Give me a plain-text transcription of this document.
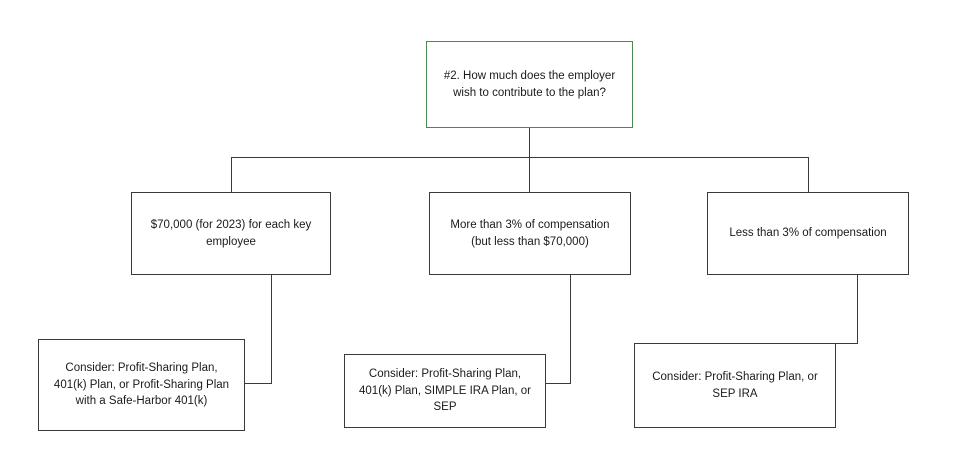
#2. How much does the employer wish to contribute to the plan?
$70,000 (for 2023) for each key employee
More than 3% of compensation (but less than $70,000)
Less than 3% of compensation
Consider: Profit-Sharing Plan, 401(k) Plan, or Profit-Sharing Plan with a Safe-Harbor 401(k)
Consider: Profit-Sharing Plan, 401(k) Plan, SIMPLE IRA Plan, or SEP
Consider: Profit-Sharing Plan, or SEP IRA
